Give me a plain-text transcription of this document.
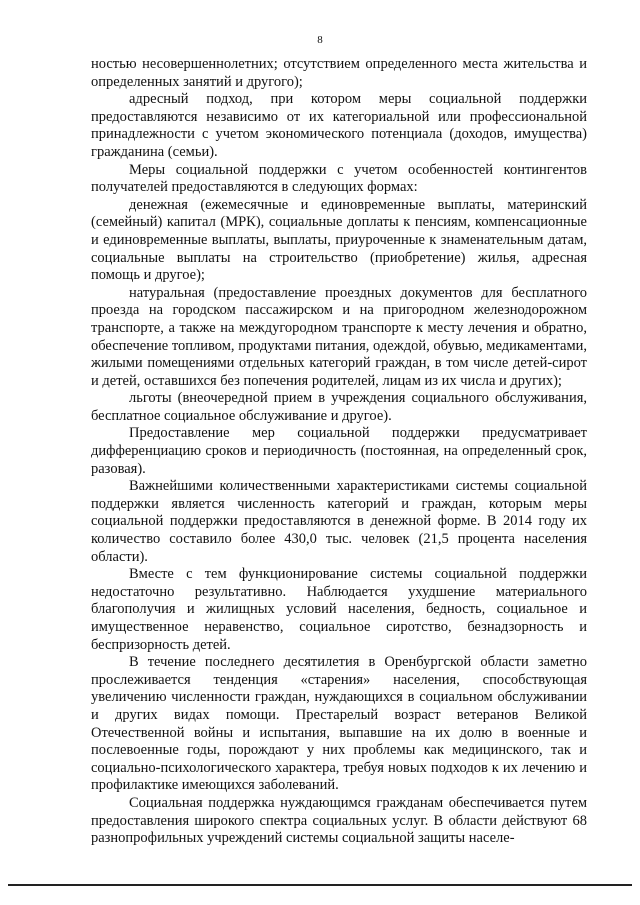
8

ностью несовершеннолетних; отсутствием определенного места жительства и определенных занятий и другого);

адресный подход, при котором меры социальной поддержки предоставляются независимо от их категориальной или профессиональной принадлежности с учетом экономического потенциала (доходов, имущества) гражданина (семьи).

Меры социальной поддержки с учетом особенностей контингентов получателей предоставляются в следующих формах:

денежная (ежемесячные и единовременные выплаты, материнский (семейный) капитал (МРК), социальные доплаты к пенсиям, компенсационные и единовременные выплаты, выплаты, приуроченные к знаменательным датам, социальные выплаты на строительство (приобретение) жилья, адресная помощь и другое);

натуральная (предоставление проездных документов для бесплатного проезда на городском пассажирском и на пригородном железнодорожном транспорте, а также на междугородном транспорте к месту лечения и обратно, обеспечение топливом, продуктами питания, одеждой, обувью, медикаментами, жилыми помещениями отдельных категорий граждан, в том числе детей-сирот и детей, оставшихся без попечения родителей, лицам из их числа и других);

льготы (внеочередной прием в учреждения социального обслуживания, бесплатное социальное обслуживание и другое).

Предоставление мер социальной поддержки предусматривает дифференциацию сроков и периодичность (постоянная, на определенный срок, разовая).

Важнейшими количественными характеристиками системы социальной поддержки является численность категорий и граждан, которым меры социальной поддержки предоставляются в денежной форме. В 2014 году их количество составило более 430,0 тыс. человек (21,5 процента населения области).

Вместе с тем функционирование системы социальной поддержки недостаточно результативно. Наблюдается ухудшение материального благополучия и жилищных условий населения, бедность, социальное и имущественное неравенство, социальное сиротство, безнадзорность и беспризорность детей.

В течение последнего десятилетия в Оренбургской области заметно прослеживается тенденция «старения» населения, способствующая увеличению численности граждан, нуждающихся в социальном обслуживании и других видах помощи. Престарелый возраст ветеранов Великой Отечественной войны и испытания, выпавшие на их долю в военные и послевоенные годы, порождают у них проблемы как медицинского, так и социально-психологического характера, требуя новых подходов к их лечению и профилактике имеющихся заболеваний.

Социальная поддержка нуждающимся гражданам обеспечивается путем предоставления широкого спектра социальных услуг. В области действуют 68 разнопрофильных учреждений системы социальной защиты населе-
